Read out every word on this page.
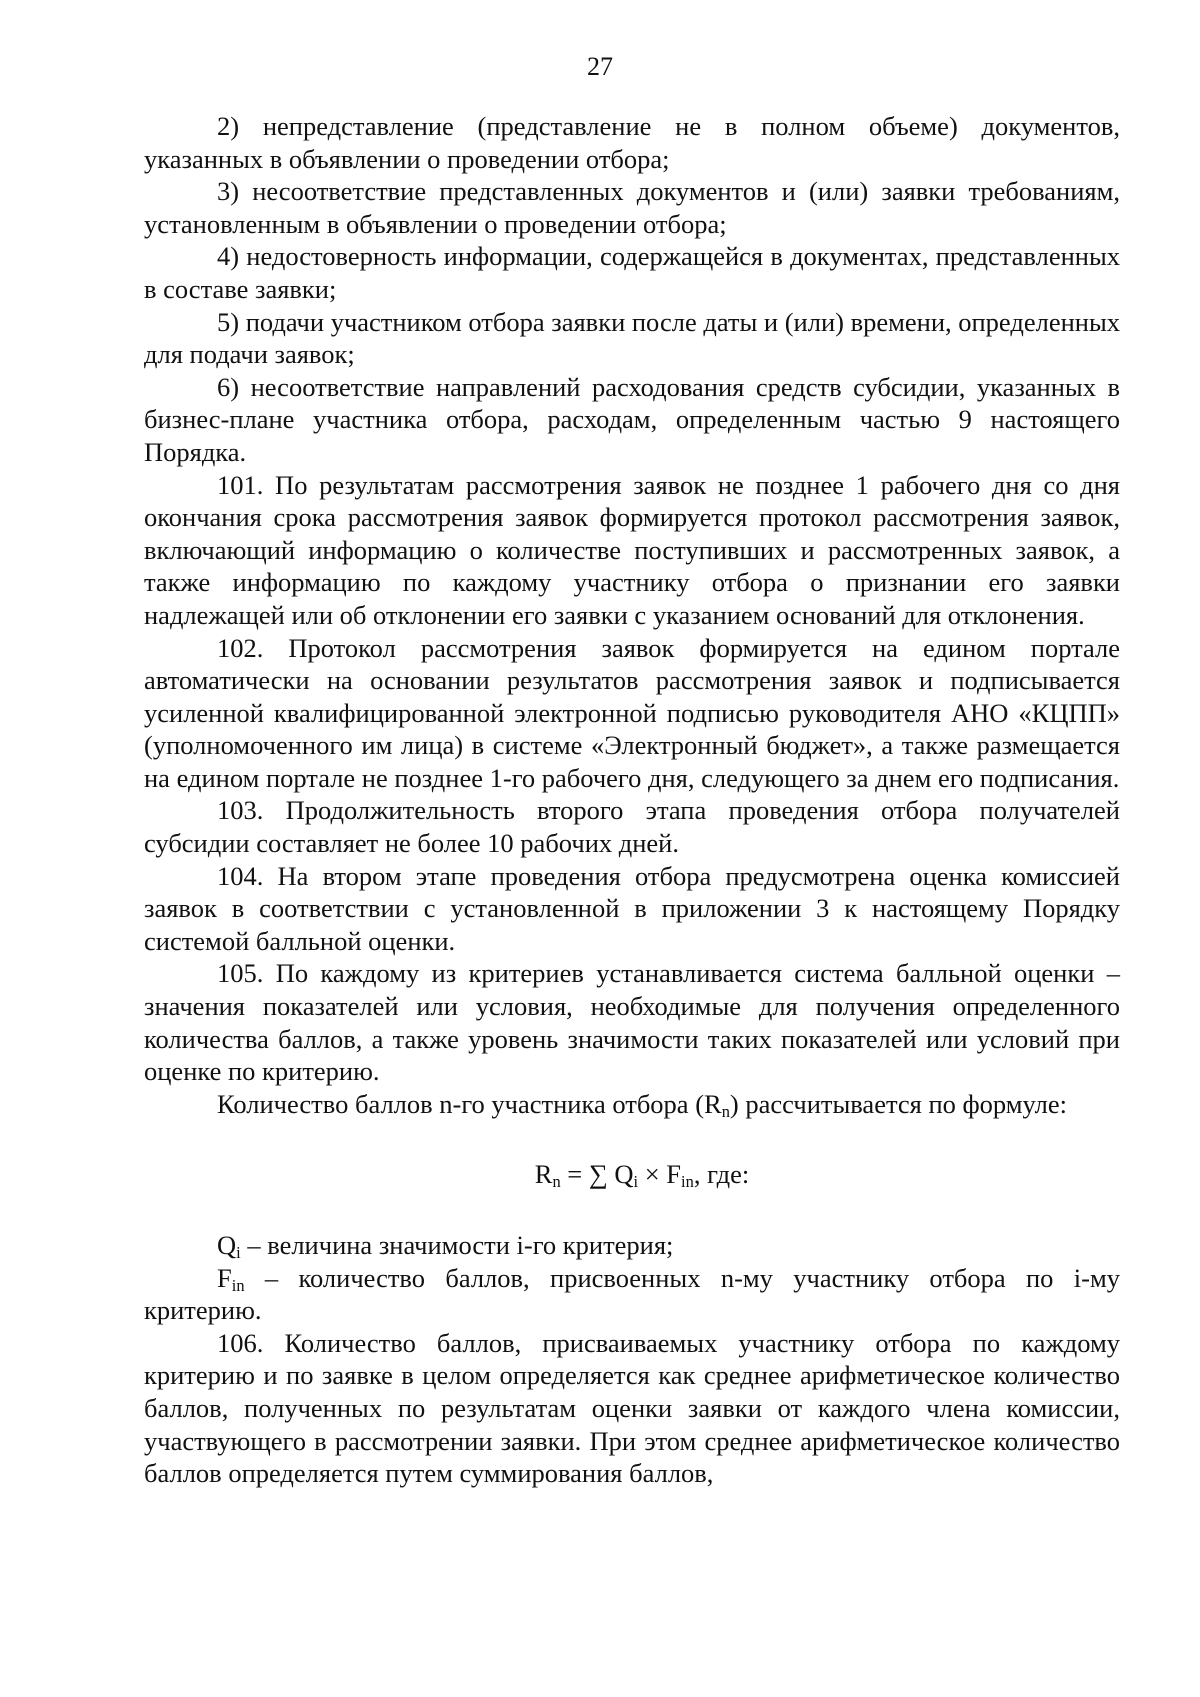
27

2) непредставление (представление не в полном объеме) документов, указанных в объявлении о проведении отбора;

3) несоответствие представленных документов и (или) заявки требованиям, установленным в объявлении о проведении отбора;

4) недостоверность информации, содержащейся в документах, представленных в составе заявки;

5) подачи участником отбора заявки после даты и (или) времени, определенных для подачи заявок;

6) несоответствие направлений расходования средств субсидии, указанных в бизнес-плане участника отбора, расходам, определенным частью 9 настоящего Порядка.

101. По результатам рассмотрения заявок не позднее 1 рабочего дня со дня окончания срока рассмотрения заявок формируется протокол рассмотрения заявок, включающий информацию о количестве поступивших и рассмотренных заявок, а также информацию по каждому участнику отбора о признании его заявки надлежащей или об отклонении его заявки с указанием оснований для отклонения.

102. Протокол рассмотрения заявок формируется на едином портале автоматически на основании результатов рассмотрения заявок и подписывается усиленной квалифицированной электронной подписью руководителя АНО «КЦПП» (уполномоченного им лица) в системе «Электронный бюджет», а также размещается на едином портале не позднее 1-го рабочего дня, следующего за днем его подписания.

103. Продолжительность второго этапа проведения отбора получателей субсидии составляет не более 10 рабочих дней.

104. На втором этапе проведения отбора предусмотрена оценка комиссией заявок в соответствии с установленной в приложении 3 к настоящему Порядку системой балльной оценки.

105. По каждому из критериев устанавливается система балльной оценки – значения показателей или условия, необходимые для получения определенного количества баллов, а также уровень значимости таких показателей или условий при оценке по критерию.

Количество баллов n-го участника отбора $(R_n)$ рассчитывается по формуле:

$R_n$ = ∑ $Q_i \times F_{in}$, где:

$Q_i$ – величина значимости i-го критерия;

$F_{in}$ – количество баллов, присвоенных n-му участнику отбора по i-му критерию.

106. Количество баллов, присваиваемых участнику отбора по каждому критерию и по заявке в целом определяется как среднее арифметическое количество баллов, полученных по результатам оценки заявки от каждого члена комиссии, участвующего в рассмотрении заявки. При этом среднее арифметическое количество баллов определяется путем суммирования баллов,
